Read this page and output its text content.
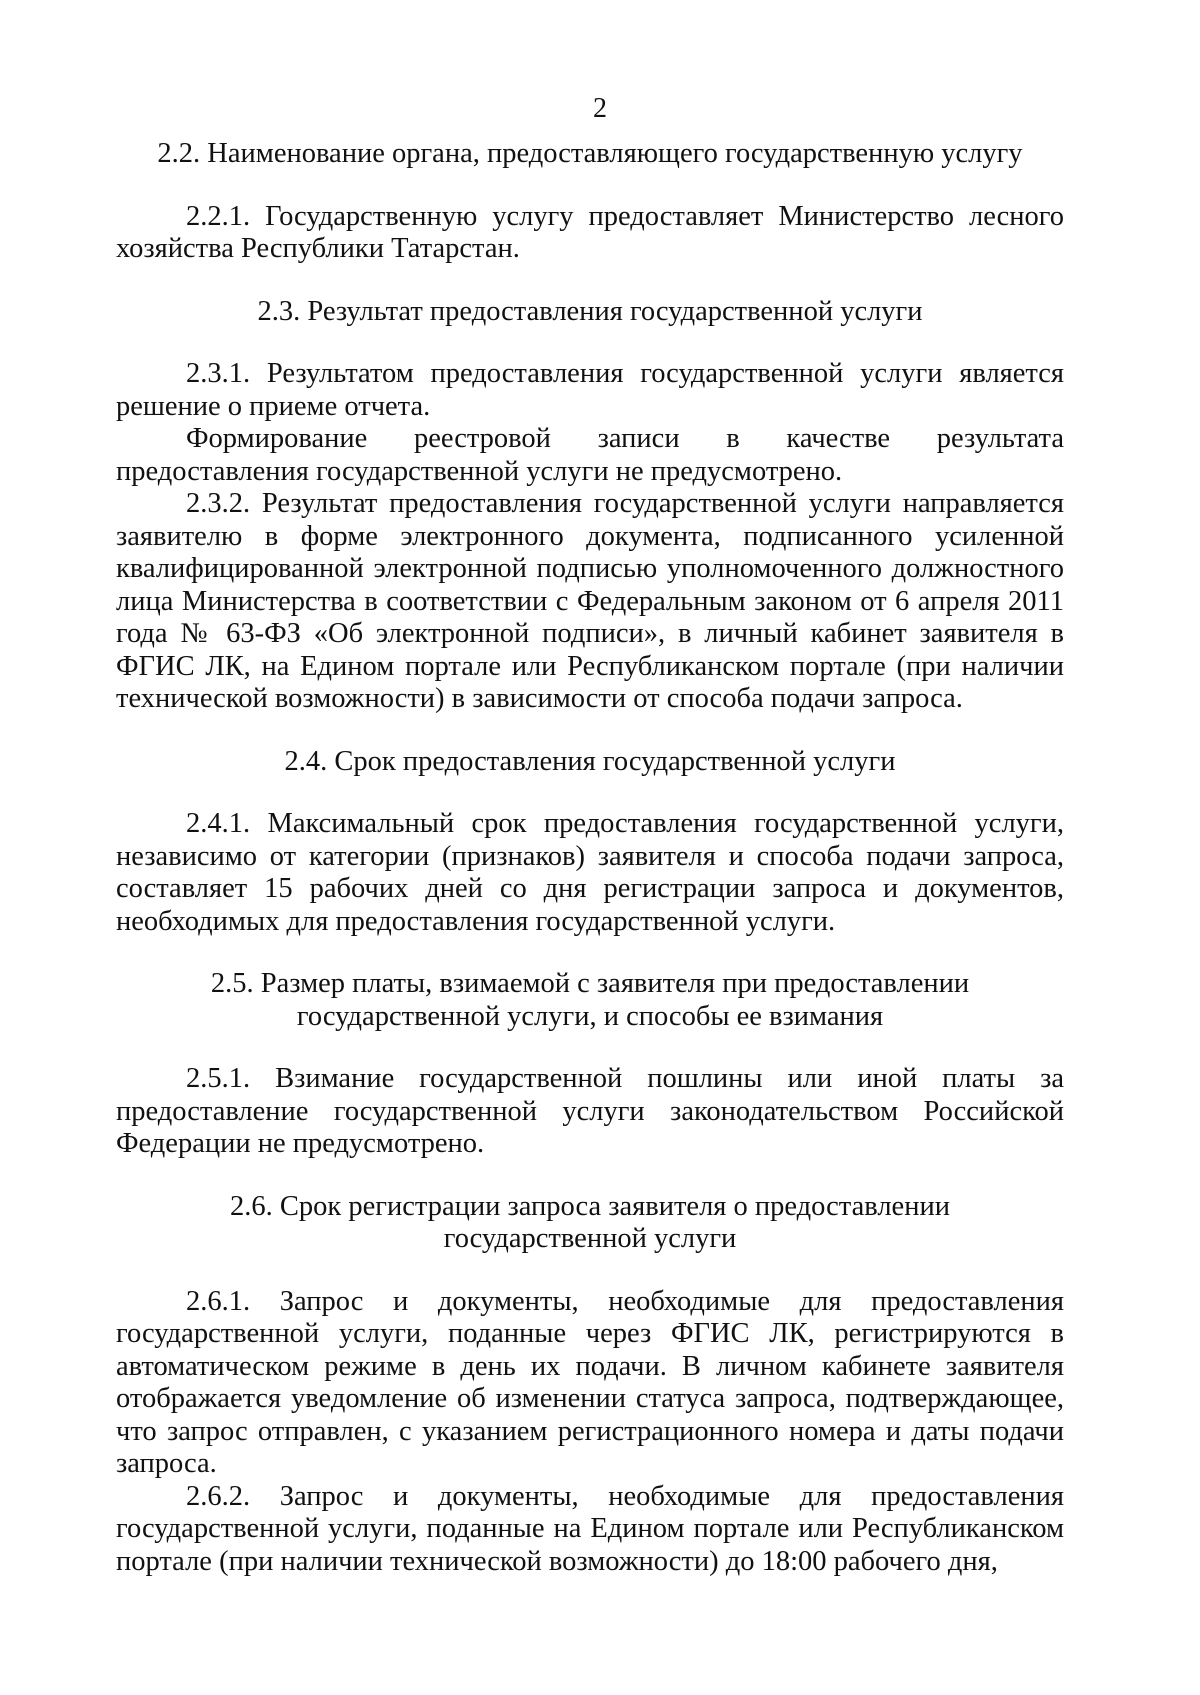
2

2.2. Наименование органа, предоставляющего государственную услугу

2.2.1. Государственную услугу предоставляет Министерство лесного хозяйства Республики Татарстан.

2.3. Результат предоставления государственной услуги

2.3.1. Результатом предоставления государственной услуги является решение о приеме отчета.

Формирование реестровой записи в качестве результата предоставления государственной услуги не предусмотрено.

2.3.2. Результат предоставления государственной услуги направляется заявителю в форме электронного документа, подписанного усиленной квалифицированной электронной подписью уполномоченного должностного лица Министерства в соответствии с Федеральным законом от 6 апреля 2011 года № 63-ФЗ «Об электронной подписи», в личный кабинет заявителя в ФГИС ЛК, на Едином портале или Республиканском портале (при наличии технической возможности) в зависимости от способа подачи запроса.

2.4. Срок предоставления государственной услуги

2.4.1. Максимальный срок предоставления государственной услуги, независимо от категории (признаков) заявителя и способа подачи запроса, составляет 15 рабочих дней со дня регистрации запроса и документов, необходимых для предоставления государственной услуги.

2.5. Размер платы, взимаемой с заявителя при предоставлении

государственной услуги, и способы ее взимания

2.5.1. Взимание государственной пошлины или иной платы за предоставление государственной услуги законодательством Российской Федерации не предусмотрено.

2.6. Срок регистрации запроса заявителя о предоставлении

государственной услуги

2.6.1. Запрос и документы, необходимые для предоставления государственной услуги, поданные через ФГИС ЛК, регистрируются в автоматическом режиме в день их подачи. В личном кабинете заявителя отображается уведомление об изменении статуса запроса, подтверждающее, что запрос отправлен, с указанием регистрационного номера и даты подачи запроса.

2.6.2. Запрос и документы, необходимые для предоставления государственной услуги, поданные на Едином портале или Республиканском портале (при наличии технической возможности) до 18:00 рабочего дня,
